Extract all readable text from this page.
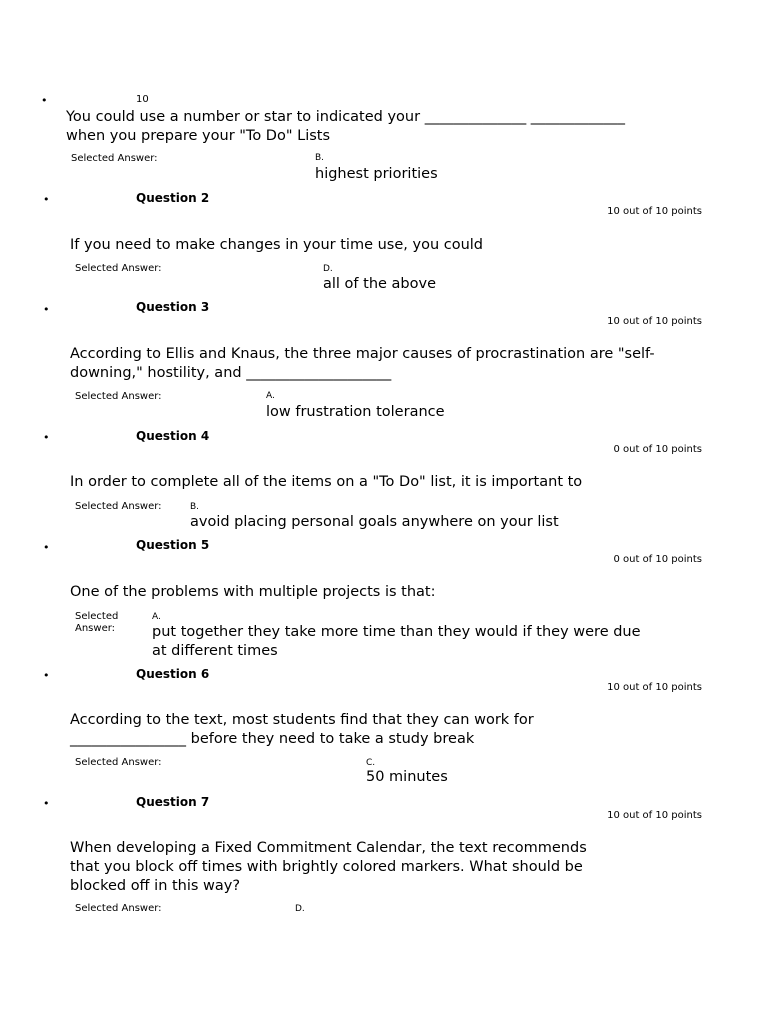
•	10
You could use a number or star to indicated your ______________ _____________ when you prepare your "To Do" Lists
Selected Answer:	B.
highest priorities
•	Question 2
10 out of 10 points
If you need to make changes in your time use, you could
Selected Answer:	D.
all of the above
•	Question 3
10 out of 10 points
According to Ellis and Knaus, the three major causes of procrastination are "self-downing," hostility, and ____________________
Selected Answer:	A.
low frustration tolerance
•	Question 4
0 out of 10 points
In order to complete all of the items on a "To Do" list, it is important to
Selected Answer:	B.
avoid placing personal goals anywhere on your list
•	Question 5
0 out of 10 points
One of the problems with multiple projects is that:
Selected Answer:
A.
put together they take more time than they would if they were due at different times
•	Question 6
10 out of 10 points
According to the text, most students find that they can work for ________________ before they need to take a study break
Selected Answer:	C.
50 minutes
•	Question 7
10 out of 10 points
When developing a Fixed Commitment Calendar, the text recommends that you block off times with brightly colored markers. What should be blocked off in this way?
Selected Answer:	D.
